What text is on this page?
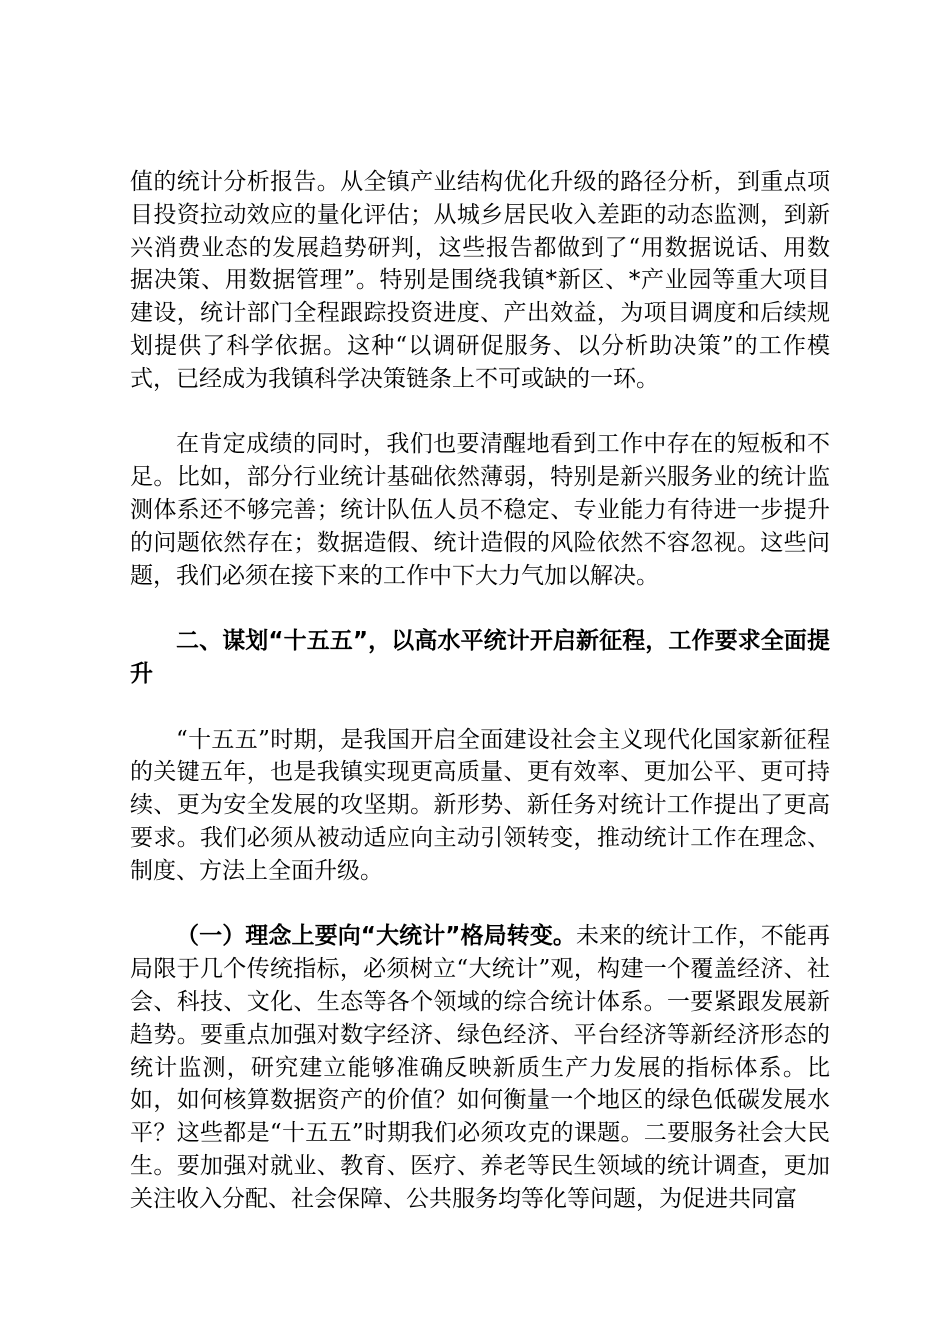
值的统计分析报告。从全镇产业结构优化升级的路径分析，到重点项目投资拉动效应的量化评估；从城乡居民收入差距的动态监测，到新兴消费业态的发展趋势研判，这些报告都做到了“用数据说话、用数据决策、用数据管理”。特别是围绕我镇*新区、*产业园等重大项目建设，统计部门全程跟踪投资进度、产出效益，为项目调度和后续规划提供了科学依据。这种“以调研促服务、以分析助决策”的工作模式，已经成为我镇科学决策链条上不可或缺的一环。

在肯定成绩的同时，我们也要清醒地看到工作中存在的短板和不足。比如，部分行业统计基础依然薄弱，特别是新兴服务业的统计监测体系还不够完善；统计队伍人员不稳定、专业能力有待进一步提升的问题依然存在；数据造假、统计造假的风险依然不容忽视。这些问题，我们必须在接下来的工作中下大力气加以解决。

二、谋划“十五五”，以高水平统计开启新征程，工作要求全面提升

“十五五”时期，是我国开启全面建设社会主义现代化国家新征程的关键五年，也是我镇实现更高质量、更有效率、更加公平、更可持续、更为安全发展的攻坚期。新形势、新任务对统计工作提出了更高要求。我们必须从被动适应向主动引领转变，推动统计工作在理念、制度、方法上全面升级。

（一）理念上要向“大统计”格局转变。未来的统计工作，不能再局限于几个传统指标，必须树立“大统计”观，构建一个覆盖经济、社会、科技、文化、生态等各个领域的综合统计体系。一要紧跟发展新趋势。要重点加强对数字经济、绿色经济、平台经济等新经济形态的统计监测，研究建立能够准确反映新质生产力发展的指标体系。比如，如何核算数据资产的价值？如何衡量一个地区的绿色低碳发展水平？这些都是“十五五”时期我们必须攻克的课题。二要服务社会大民生。要加强对就业、教育、医疗、养老等民生领域的统计调查，更加关注收入分配、社会保障、公共服务均等化等问题，为促进共同富
